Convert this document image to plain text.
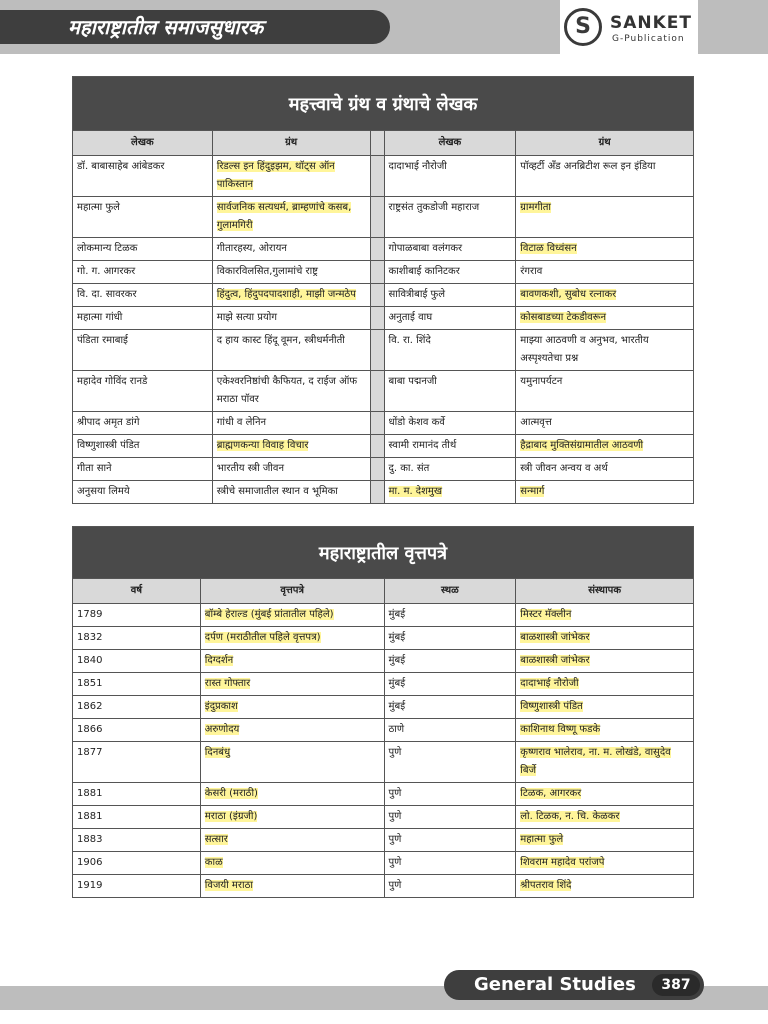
महाराष्ट्रातील समाजसुधारक	S	SANKET
G-Publication
महत्त्वाचे ग्रंथ व ग्रंथाचे लेखक				
लेखक	ग्रंथ		लेखक	ग्रंथ
डॉ. बाबासाहेब आंबेडकर	रिडल्स इन हिंदुइझम, थॉट्स ऑन पाकिस्तान		दादाभाई नौरोजी	पॉव्हर्टी अँड अनब्रिटीश रूल इन इंडिया
महात्मा फुले	सार्वजनिक सत्यधर्म, ब्राम्हणांचे कसब, गुलामगिरी		राष्ट्रसंत तुकडोजी महाराज	ग्रामगीता
लोकमान्य टिळक	गीतारहस्य, ओरायन		गोपाळबाबा वलंगकर	विटाळ विध्वंसन
गो. ग. आगरकर	विकारविलसित,गुलामांचे राष्ट्र		काशीबाई कानिटकर	रंगराव
वि. दा. सावरकर	हिंदुत्व, हिंदुपदपादशाही, माझी जन्मठेप		सावित्रीबाई फुले	बावणकशी, सुबोध रत्नाकर
महात्मा गांधी	माझे सत्या प्रयोग		अनुताई वाघ	कोसबाडच्या टेकडीवरून
पंडिता रमाबाई	द हाय कास्ट हिंदू वूमन, स्त्रीधर्मनीती		वि. रा. शिंदे	माझ्या आठवणी व अनुभव, भारतीय अस्पृश्यतेचा प्रश्न
महादेव गोविंद रानडे	एकेश्वरनिष्ठांची कैफियत, द राईज ऑफ मराठा पॉवर		बाबा पद्मनजी	यमुनापर्यटन
श्रीपाद अमृत डांगे	गांधी व लेनिन		धोंडो केशव कर्वे	आत्मवृत्त
विष्णुशास्त्री पंडित	ब्राह्मणकन्या विवाह विचार		स्वामी रामानंद तीर्थ	हैद्राबाद मुक्तिसंग्रामातील आठवणी
गीता साने	भारतीय स्त्री जीवन		दु. का. संत	स्त्री जीवन अन्वय व अर्थ
अनुसया लिमये	स्त्रीचे समाजातील स्थान व भूमिका		मा. म. देशमुख	सन्मार्ग
महाराष्ट्रातील वृत्तपत्रे			
वर्ष	वृत्तपत्रे	स्थळ	संस्थापक
1789	बॉम्बे हेराल्ड (मुंबई प्रांतातील पहिले)	मुंबई	मिस्टर मॅक्लीन
1832	दर्पण (मराठीतील पहिले वृत्तपत्र)	मुंबई	बाळशास्त्री जांभेकर
1840	दिग्दर्शन	मुंबई	बाळशास्त्री जांभेकर
1851	रास्त गोफ्तार	मुंबई	दादाभाई नौरोजी
1862	इंदुप्रकाश	मुंबई	विष्णुशास्त्री पंडित
1866	अरुणोदय	ठाणे	काशिनाथ विष्णू फडके
1877	दिनबंधु	पुणे	कृष्णराव भालेराव, ना. म. लोखंडे, वासुदेव बिर्जे
1881	केसरी (मराठी)	पुणे	टिळक, आगरकर
1881	मराठा (इंग्रजी)	पुणे	लो. टिळक, न. चि. केळकर
1883	सत्सार	पुणे	महात्मा फुले
1906	काळ	पुणे	शिवराम महादेव परांजपे
1919	विजयी मराठा	पुणे	श्रीपतराव शिंदे
General Studies	387
